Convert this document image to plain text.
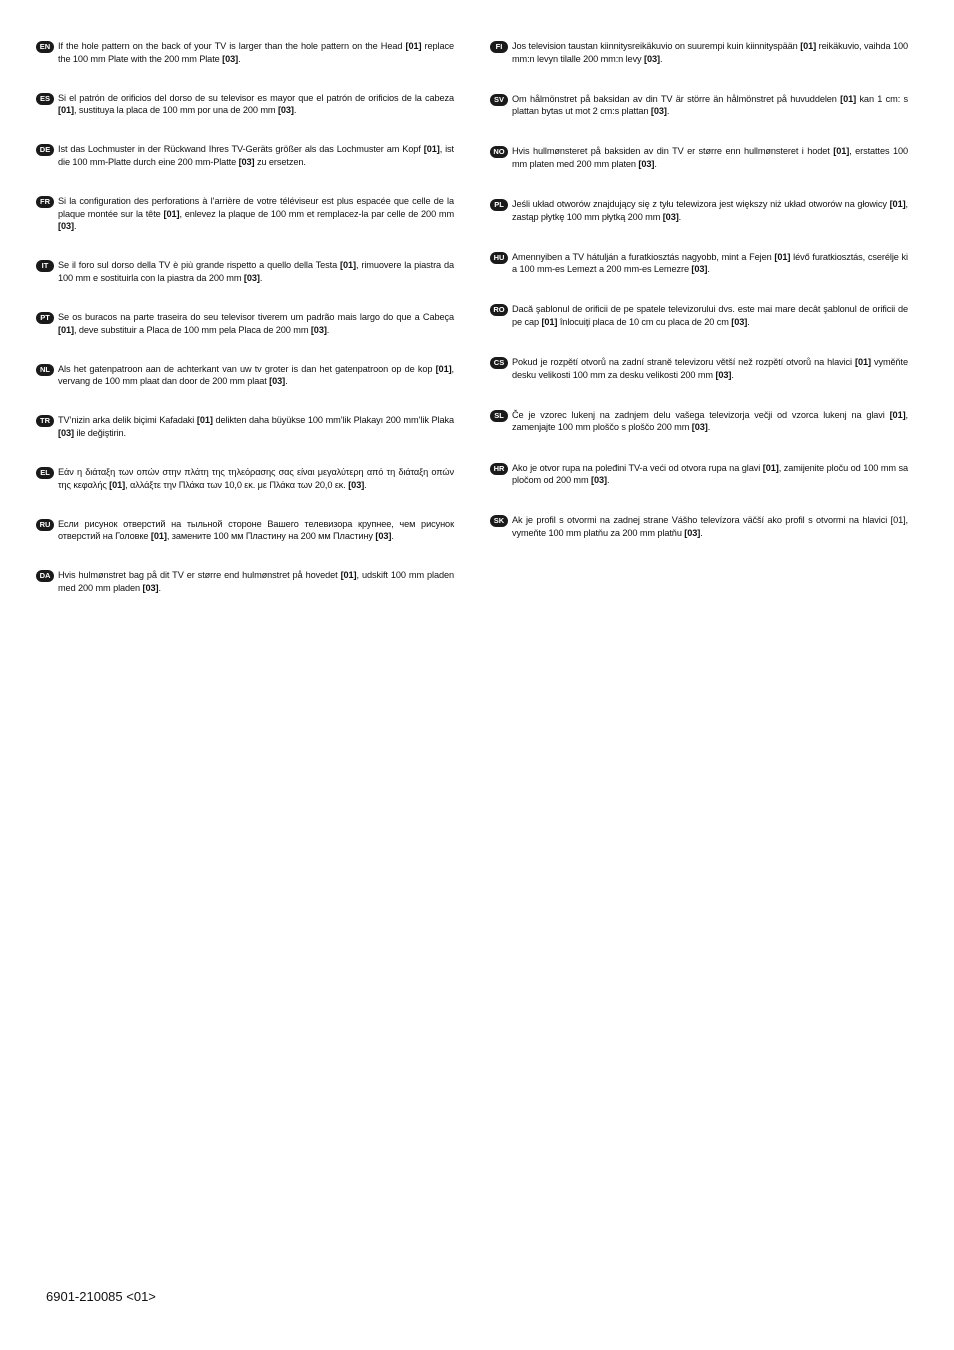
EN If the hole pattern on the back of your TV is larger than the hole pattern on the Head [01] replace the 100 mm Plate with the 200 mm Plate [03].
ES Si el patrón de orificios del dorso de su televisor es mayor que el patrón de orificios de la cabeza [01], sustituya la placa de 100 mm por una de 200 mm [03].
DE Ist das Lochmuster in der Rückwand Ihres TV-Geräts größer als das Lochmuster am Kopf [01], ist die 100 mm-Platte durch eine 200 mm-Platte [03] zu ersetzen.
FR Si la configuration des perforations à l’arrière de votre téléviseur est plus espacée que celle de la plaque montée sur la tête [01], enlevez la plaque de 100 mm et remplacez-la par celle de 200 mm [03].
IT	Se il foro sul dorso della TV è più grande rispetto a quello della Testa [01], rimuovere la piastra da 100 mm e sostituirla con la piastra da 200 mm [03].
PT Se os buracos na parte traseira do seu televisor tiverem um padrão mais largo do que a Cabeça [01], deve substituir a Placa de 100 mm pela Placa de 200 mm [03].
NL Als het gatenpatroon aan de achterkant van uw tv groter is dan het gatenpatroon op de kop [01], vervang de 100 mm plaat dan door de 200 mm plaat [03].
TR TV’nizin arka delik biçimi Kafadaki [01] delikten daha büyükse 100 mm’lik Plakayı 200 mm’lik Plaka [03] ile değiştirin.
EL Εάν η διάταξη των οπών στην πλάτη της τηλεόρασης σας είναι μεγαλύτερη από τη διάταξη οπών της κεφαλής [01], αλλάξτε την Πλάκα των 10,0 εκ. με Πλάκα των 20,0 εκ. [03].
RU Если рисунок отверстий на тыльной стороне Вашего телевизора крупнее, чем рисунок отверстий на Головке [01], замените 100 мм Пластину на 200 мм Пластину [03].
DA Hvis hulmønstret bag på dit TV er større end hulmønstret på hovedet [01], udskift 100 mm pladen med 200 mm pladen [03].
FI	Jos television taustan kiinnitysreikäkuvio on suurempi kuin kiinnityspään [01] reikäkuvio, vaihda 100 mm:n levyn tilalle 200 mm:n levy [03].
SV Om hålmönstret på baksidan av din TV är större än hålmönstret på huvuddelen [01] kan 1 cm: s plattan bytas ut mot 2 cm:s plattan [03].
NO Hvis hullmønsteret på baksiden av din TV er større enn hullmønsteret i hodet [01], erstattes 100 mm platen med 200 mm platen [03].
PL Jeśli układ otworów znajdujący się z tyłu telewizora jest większy niż układ otworów na głowicy [01], zastąp płytkę 100 mm płytką 200 mm [03].
HU Amennyiben a TV hátulján a furatkiosztás nagyobb, mint a Fejen [01] lévő furatkiosztás, cserélje ki a 100 mm-es Lemezt a 200 mm-es Lemezre [03].
RO Dacă şablonul de orificii de pe spatele televizorului dvs. este mai mare decât şablonul de orificii de pe cap [01] înlocuiţi placa de 10 cm cu placa de 20 cm [03].
CS Pokud je rozpětí otvorů na zadní straně televizoru větší než rozpětí otvorů na hlavici [01] vyměňte desku velikosti 100 mm za desku velikosti 200 mm [03].
SL Če je vzorec lukenj na zadnjem delu vašega televizorja večji od vzorca lukenj na glavi [01], zamenjajte 100 mm ploščo s ploščo 200 mm [03].
HR Ako je otvor rupa na poleđini TV-a veći od otvora rupa na glavi [01], zamijenite ploču od 100 mm sa pločom od 200 mm [03].
SK Ak je profil s otvormi na zadnej strane Vášho televízora väčší ako profil s otvormi na hlavici [01], vymeňte 100 mm platňu za 200 mm platňu [03].
6901-210085 <01>
